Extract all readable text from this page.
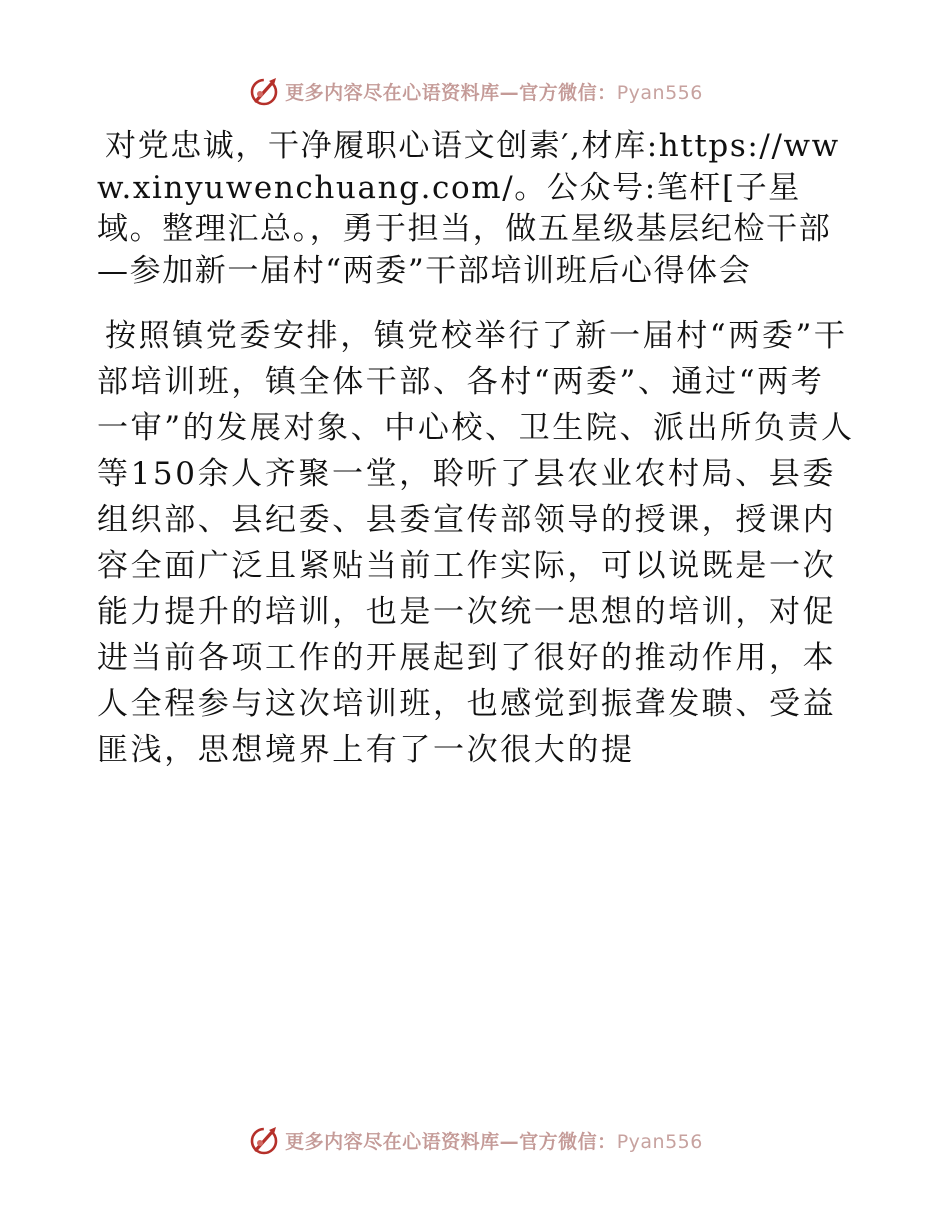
更多内容尽在心语资料库—官方微信：Pyan556
对党忠诚，干净履职心语文创素′,材库:https://www.xinyuwenchuang.com/。公众号:笔杆[子星域。整理汇总。，勇于担当，做五星级基层纪检干部—参加新一届村“两委”干部培训班后心得体会

按照镇党委安排，镇党校举行了新一届村“两委”干部培训班，镇全体干部、各村“两委”、通过“两考一审”的发展对象、中心校、卫生院、派出所负责人等150余人齐聚一堂，聆听了县农业农村局、县委组织部、县纪委、县委宣传部领导的授课，授课内容全面广泛且紧贴当前工作实际，可以说既是一次能力提升的培训，也是一次统一思想的培训，对促进当前各项工作的开展起到了很好的推动作用，本人全程参与这次培训班，也感觉到振聋发聩、受益匪浅，思想境界上有了一次很大的提

更多内容尽在心语资料库—官方微信：Pyan556
